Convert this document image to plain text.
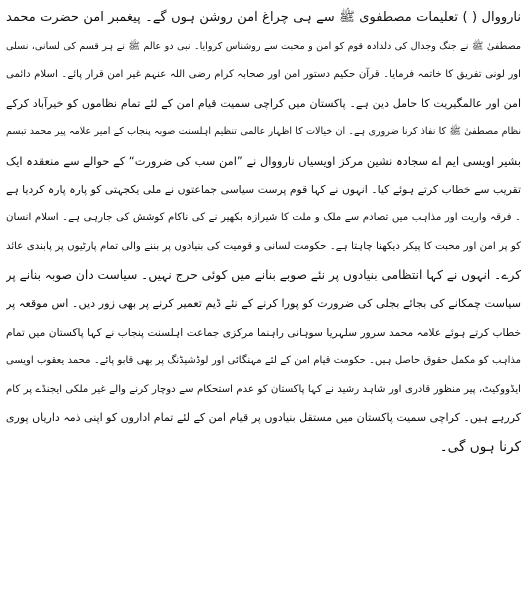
نارووال ( ) تعلیمات مصطفوی ﷺ سے ہی چراغ امن روشن ہوں گے۔ پیغمبر امن حضرت محمد
مصطفیٰ ﷺ نے جنگ وجدال کی دلدادہ قوم کو امن و محبت سے روشناس کروایا۔ نبی دو عالم ﷺ نے ہر قسم کی لسانی، نسلی
اور لونی تفریق کا خاتمہ فرمایا۔ قرآن حکیم دستور امن اور صحابہ کرام رضی اللہ عنہم غیر امن قرار پائے۔ اسلام دائمی
امن اور عالمگیریت کا حامل دین ہے۔ پاکستان میں کراچی سمیت قیام امن کے لئے تمام نظاموں کو خیرآباد کرکے
نظام مصطفیٰ ﷺ کا نفاذ کرنا ضروری ہے۔ ان خیالات کا اظہار عالمی تنظیم اہلسنت صوبہ پنجاب کے امیر علامہ پیر محمد تبسم
بشیر اویسی ایم اے سجادہ نشین مرکز اویسیاں نارووال نے ”امن سب کی ضرورت“ کے حوالے سے منعقدہ ایک
تقریب سے خطاب کرتے ہوئے کیا۔ انہوں نے کہا قوم پرست سیاسی جماعتوں نے ملی یکجہتی کو پارہ پارہ کردیا ہے
۔ فرقہ واریت اور مذاہب میں تصادم سے ملک و ملت کا شیرازہ بکھیر نے کی ناکام کوشش کی جارہی ہے۔ اسلام انسان
کو پر امن اور محبت کا پیکر دیکھنا چاہتا ہے۔ حکومت لسانی و قومیت کی بنیادوں پر بننے والی تمام پارٹیوں پر پابندی عائد
کرے۔ انہوں نے کہا انتظامی بنیادوں پر نئے صوبے بنانے میں کوئی حرج نہیں۔ سیاست دان صوبہ بنانے پر
سیاست چمکانے کی بجائے بجلی کی ضرورت کو پورا کرنے کے نئے ڈیم تعمیر کرنے پر بھی زور دیں۔ اس موقعہ پر
خطاب کرتے ہوئے علامہ محمد سرور سلہریا سوہانی راہنما مرکزی جماعت اہلسنت پنجاب نے کہا پاکستان میں تمام
مذاہب کو مکمل حقوق حاصل ہیں۔ حکومت قیام امن کے لئے مہنگائی اور لوڈشیڈنگ پر بھی قابو پائے۔ محمد یعقوب اویسی
ایڈووکیٹ، پیر منظور قادری اور شاہد رشید نے کہا پاکستان کو عدم استحکام سے دوچار کرنے والے غیر ملکی ایجنڈے پر کام
کررہے ہیں۔ کراچی سمیت پاکستان میں مستقل بنیادوں پر قیام امن کے لئے تمام اداروں کو اپنی ذمہ داریاں پوری
کرنا ہوں گی۔
